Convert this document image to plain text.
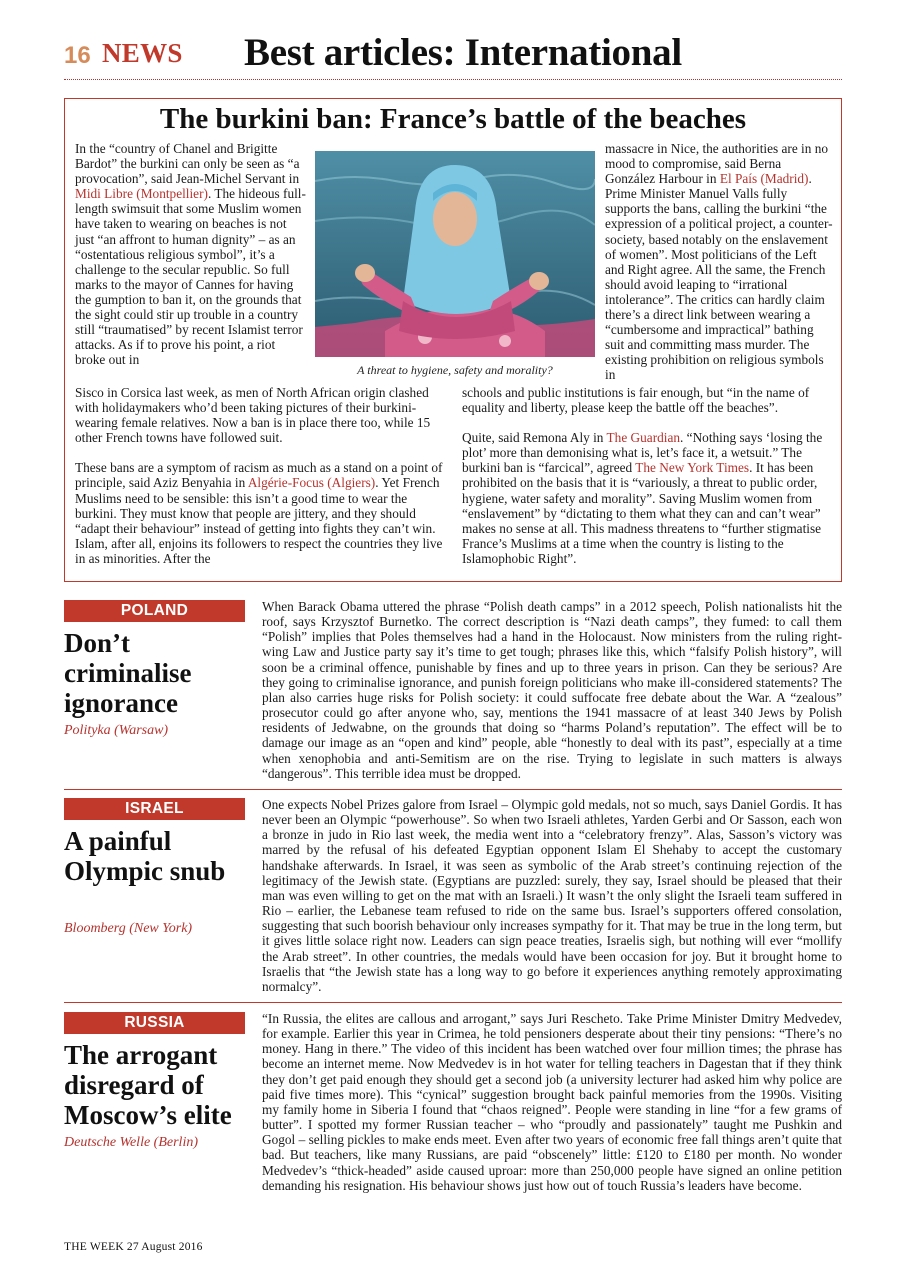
16 NEWS Best articles: International
The burkini ban: France’s battle of the beaches

In the “country of Chanel and Brigitte Bardot” the burkini can only be seen as “a provocation”, said Jean-Michel Servant in Midi Libre (Montpellier). The hideous full-length swimsuit that some Muslim women have taken to wearing on beaches is not just “an affront to human dignity” – as an “ostentatious religious symbol”, it’s a challenge to the secular republic. So full marks to the mayor of Cannes for having the gumption to ban it, on the grounds that the sight could stir up trouble in a country still “traumatised” by recent Islamist terror attacks. As if to prove his point, a riot broke out in

A threat to hygiene, safety and morality?

Sisco in Corsica last week, as men of North African origin clashed with holidaymakers who’d been taking pictures of their burkini-wearing female relatives. Now a ban is in place there too, while 15 other French towns have followed suit.

These bans are a symptom of racism as much as a stand on a point of principle, said Aziz Benyahia in Algérie-Focus (Algiers). Yet French Muslims need to be sensible: this isn’t a good time to wear the burkini. They must know that people are jittery, and they should “adapt their behaviour” instead of getting into fights they can’t win. Islam, after all, enjoins its followers to respect the countries they live in as minorities. After the

massacre in Nice, the authorities are in no mood to compromise, said Berna González Harbour in El País (Madrid). Prime Minister Manuel Valls fully supports the bans, calling the burkini “the expression of a political project, a counter-society, based notably on the enslavement of women”. Most politicians of the Left and Right agree. All the same, the French should avoid leaping to “irrational intolerance”. The critics can hardly claim there’s a direct link between wearing a “cumbersome and impractical” bathing suit and committing mass murder. The existing prohibition on religious symbols in

schools and public institutions is fair enough, but “in the name of equality and liberty, please keep the battle off the beaches”.

Quite, said Remona Aly in The Guardian. “Nothing says ‘losing the plot’ more than demonising what is, let’s face it, a wetsuit.” The burkini ban is “farcical”, agreed The New York Times. It has been prohibited on the basis that it is “variously, a threat to public order, hygiene, water safety and morality”. Saving Muslim women from “enslavement” by “dictating to them what they can and can’t wear” makes no sense at all. This madness threatens to “further stigmatise France’s Muslims at a time when the country is listing to the Islamophobic Right”.

POLAND
Don’t criminalise ignorance
Polityka (Warsaw)

When Barack Obama uttered the phrase “Polish death camps” in a 2012 speech, Polish nationalists hit the roof, says Krzysztof Burnetko. The correct description is “Nazi death camps”, they fumed: to call them “Polish” implies that Poles themselves had a hand in the Holocaust. Now ministers from the ruling right-wing Law and Justice party say it’s time to get tough; phrases like this, which “falsify Polish history”, will soon be a criminal offence, punishable by fines and up to three years in prison. Can they be serious? Are they going to criminalise ignorance, and punish foreign politicians who make ill-considered statements? The plan also carries huge risks for Polish society: it could suffocate free debate about the War. A “zealous” prosecutor could go after anyone who, say, mentions the 1941 massacre of at least 340 Jews by Polish residents of Jedwabne, on the grounds that doing so “harms Poland’s reputation”. The effect will be to damage our image as an “open and kind” people, able “honestly to deal with its past”, especially at a time when xenophobia and anti-Semitism are on the rise. Trying to legislate in such matters is always “dangerous”. This terrible idea must be dropped.

ISRAEL
A painful Olympic snub
Bloomberg (New York)

One expects Nobel Prizes galore from Israel – Olympic gold medals, not so much, says Daniel Gordis. It has never been an Olympic “powerhouse”. So when two Israeli athletes, Yarden Gerbi and Or Sasson, each won a bronze in judo in Rio last week, the media went into a “celebratory frenzy”. Alas, Sasson’s victory was marred by the refusal of his defeated Egyptian opponent Islam El Shehaby to accept the customary handshake afterwards. In Israel, it was seen as symbolic of the Arab street’s continuing rejection of the legitimacy of the Jewish state. (Egyptians are puzzled: surely, they say, Israel should be pleased that their man was even willing to get on the mat with an Israeli.) It wasn’t the only slight the Israeli team suffered in Rio – earlier, the Lebanese team refused to ride on the same bus. Israel’s supporters offered consolation, suggesting that such boorish behaviour only increases sympathy for it. That may be true in the long term, but it gives little solace right now. Leaders can sign peace treaties, Israelis sigh, but nothing will ever “mollify the Arab street”. In other countries, the medals would have been occasion for joy. But it brought home to Israelis that “the Jewish state has a long way to go before it experiences anything remotely approximating normalcy”.

RUSSIA
The arrogant disregard of Moscow’s elite
Deutsche Welle (Berlin)

“In Russia, the elites are callous and arrogant,” says Juri Rescheto. Take Prime Minister Dmitry Medvedev, for example. Earlier this year in Crimea, he told pensioners desperate about their tiny pensions: “There’s no money. Hang in there.” The video of this incident has been watched over four million times; the phrase has become an internet meme. Now Medvedev is in hot water for telling teachers in Dagestan that if they think they don’t get paid enough they should get a second job (a university lecturer had asked him why police are paid five times more). This “cynical” suggestion brought back painful memories from the 1990s. Visiting my family home in Siberia I found that “chaos reigned”. People were standing in line “for a few grams of butter”. I spotted my former Russian teacher – who “proudly and passionately” taught me Pushkin and Gogol – selling pickles to make ends meet. Even after two years of economic free fall things aren’t quite that bad. But teachers, like many Russians, are paid “obscenely” little: £120 to £180 per month. No wonder Medvedev’s “thick-headed” aside caused uproar: more than 250,000 people have signed an online petition demanding his resignation. His behaviour shows just how out of touch Russia’s leaders have become.

THE WEEK 27 August 2016
